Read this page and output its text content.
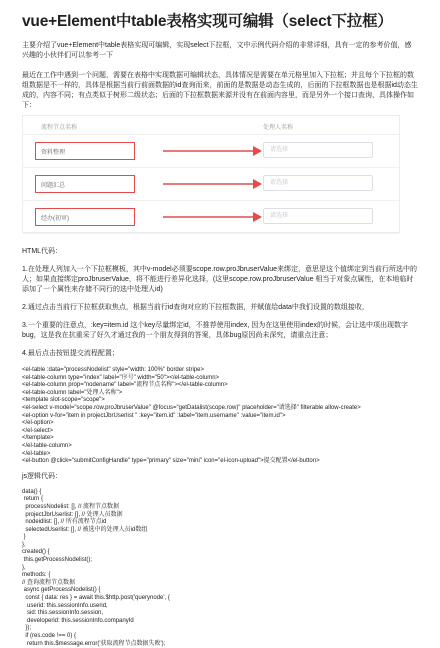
vue+Element中table表格实现可编辑（select下拉框）

主要介绍了vue+Element中table表格实现可编辑，实现select下拉框，文中示例代码介绍的非常详细，具有一定的参考价值，感兴趣的小伙伴们可以参考一下

最近在工作中遇到一个问题，需要在表格中实现数据可编辑状态，具体情况是需要在单元格里加入下拉框；并且每个下拉框的数组数据是不一样的，具体是根据当前行前面数据的id查询而来，前面的是数据是动态生成的，后面的下拉框数据也是根据id动态生成的，内容不同；有点类似于树形二级状态；后面的下拉框数据来源并没有在前面内容里，而是另外一个接口查询，具体操作如下：

流程节点名称	处理人名称
资料整理	请选择
问题汇总	请选择
经办(初审)	请选择

HTML代码：

1.在处理人列加入一个下拉框模板，其中v-model必须要scope.row.proJbruserValue来绑定，意思是这个值绑定到当前行所选中的人；如果直接绑定proJbruserValue，将不能进行差异化选择，(这里scope.row.proJbruserValue 相当于对象点属性，在本地临时添加了一个属性来存储不同行的选中处理人id)

2.通过点击当前行下拉框获取焦点，根据当前行id查询对应的下拉框数据，并赋值给data中我们设置的数组接收，

3.一个重要的注意点，:key=item.id 这个key尽量绑定id，不推荐使用index, 因为在这里使用index的时候，会让选中项出现数字bug，这是我在抗重采了好久才通过我的一个朋友得到的答案，具体bug原因尚未深究，请重点注意；

4.最后点击按钮提交流程配置；

<el-table :data="processNodelist" style="width: 100%" border stripe>
<el-table-column type="index" label="序号" width="50"></el-table-column>
<el-table-column prop="nodename" label="流程节点名称"></el-table-column>
<el-table-column label="处理人名称">
<template slot-scope="scope">
<el-select v-model="scope.row.proJbruserValue" @focus="getDatalist(scope.row)" placeholder="请选择" filterable allow-create>
<el-option v-for="item in projectJbrUserlist " :key="item.id" :label="item.username" :value="item.id">
</el-option>
</el-select>
</template>
</el-table-column>
</el-table>
<el-button @click="submitConfigHandle" type="primary" size="mini" icon="el-icon-upload">提交配置</el-button>

js逻辑代码：

data() {
return {
processNodelist: [], // 流程节点数据
projectJbrUserlist: [], // 处理人员数据
nodeidlist: [], // 所有流程节点id
selectedUserlist: [], // 被选中的处理人员id数组
}
},
created() {
this.getProcessNodelist();
},
methods: {
// 查询流程节点数据
async getProcessNodelist() {
const { data: res } = await this.$http.post('querynode', {
userid: this.sessionInfo.userid,
sid: this.sessionInfo.session,
developerid: this.sessionInfo.companyId
});
if (res.code !== 0) {
return this.$message.error('获取流程节点数据失败');
